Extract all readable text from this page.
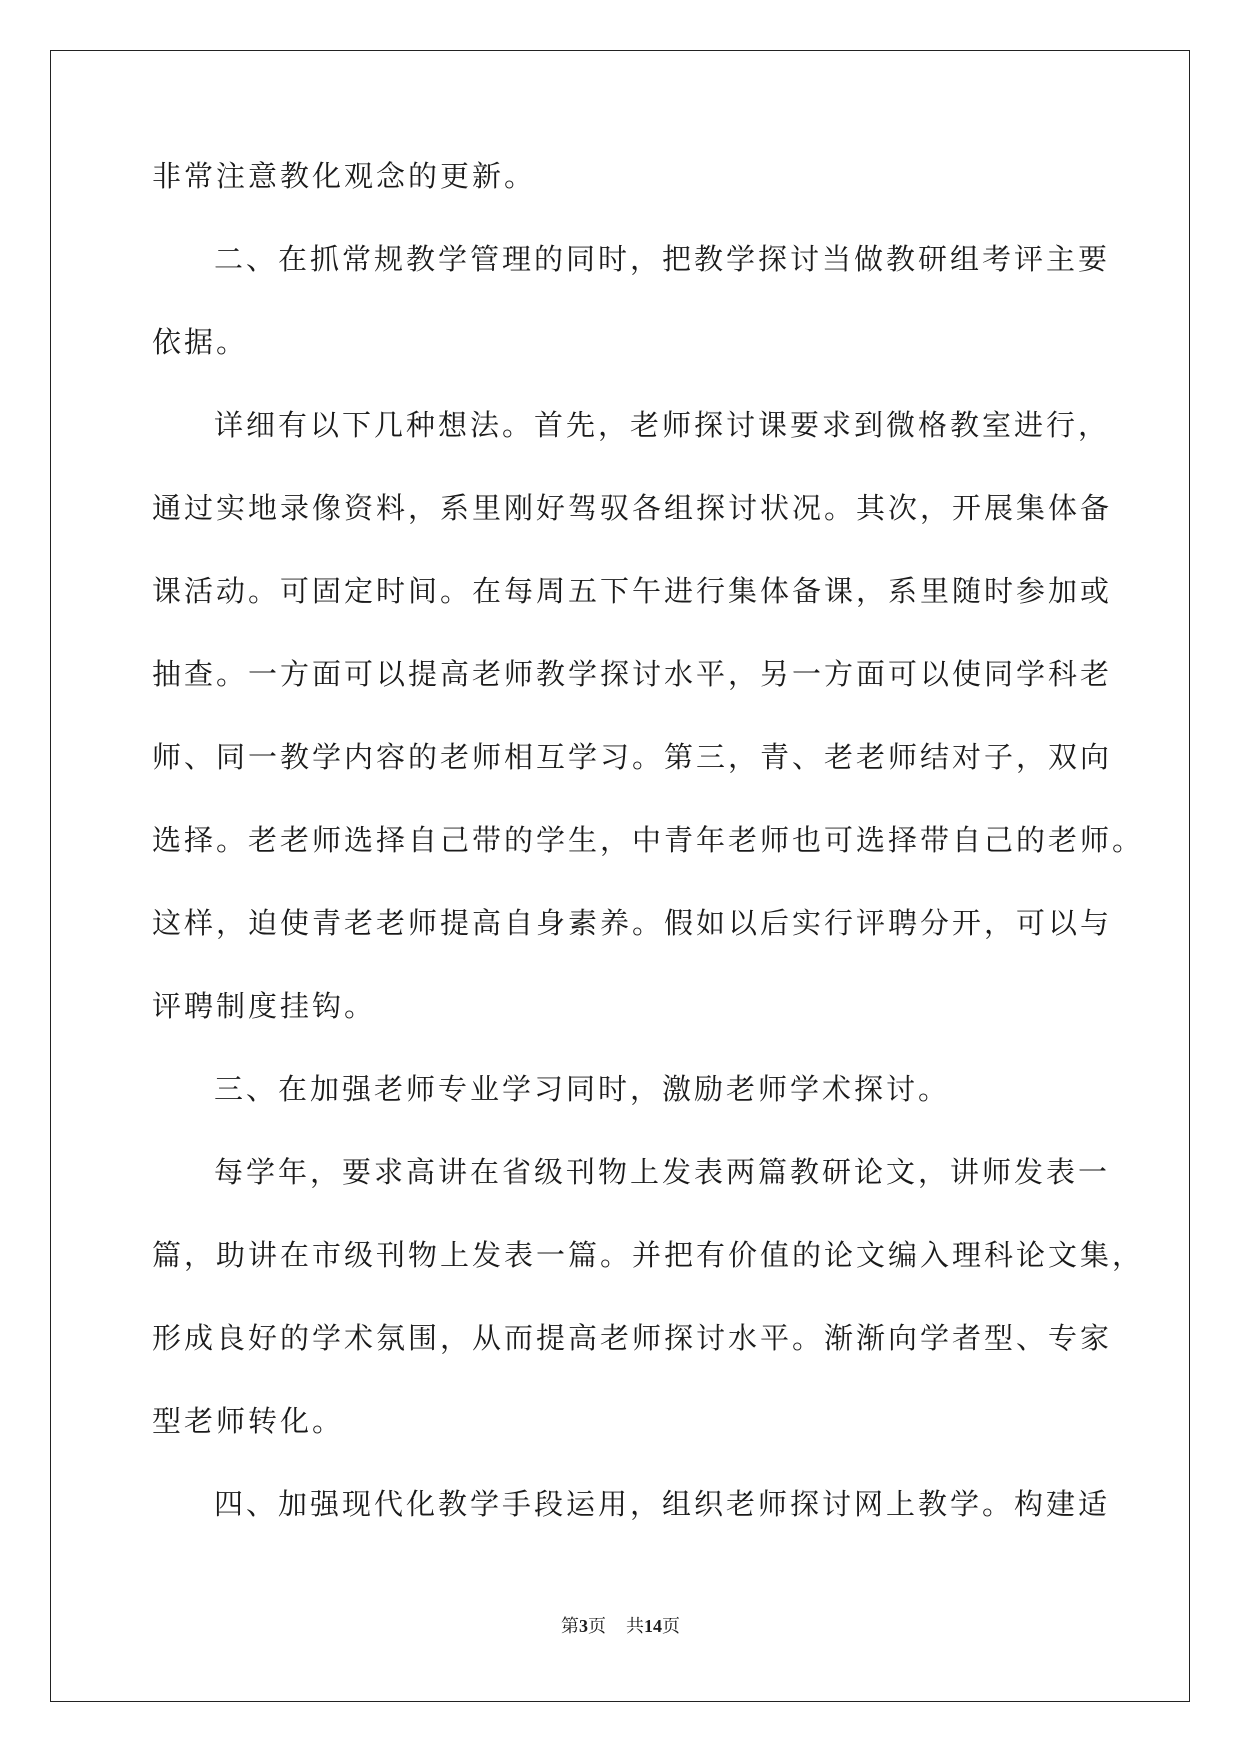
非常注意教化观念的更新。
二、在抓常规教学管理的同时，把教学探讨当做教研组考评主要
依据。
详细有以下几种想法。首先，老师探讨课要求到微格教室进行，
通过实地录像资料，系里刚好驾驭各组探讨状况。其次，开展集体备
课活动。可固定时间。在每周五下午进行集体备课，系里随时参加或
抽查。一方面可以提高老师教学探讨水平，另一方面可以使同学科老
师、同一教学内容的老师相互学习。第三，青、老老师结对子，双向
选择。老老师选择自己带的学生，中青年老师也可选择带自己的老师。
这样，迫使青老老师提高自身素养。假如以后实行评聘分开，可以与
评聘制度挂钩。
三、在加强老师专业学习同时，激励老师学术探讨。
每学年，要求高讲在省级刊物上发表两篇教研论文，讲师发表一
篇，助讲在市级刊物上发表一篇。并把有价值的论文编入理科论文集，
形成良好的学术氛围，从而提高老师探讨水平。渐渐向学者型、专家
型老师转化。
四、加强现代化教学手段运用，组织老师探讨网上教学。构建适
第3页 共14页
